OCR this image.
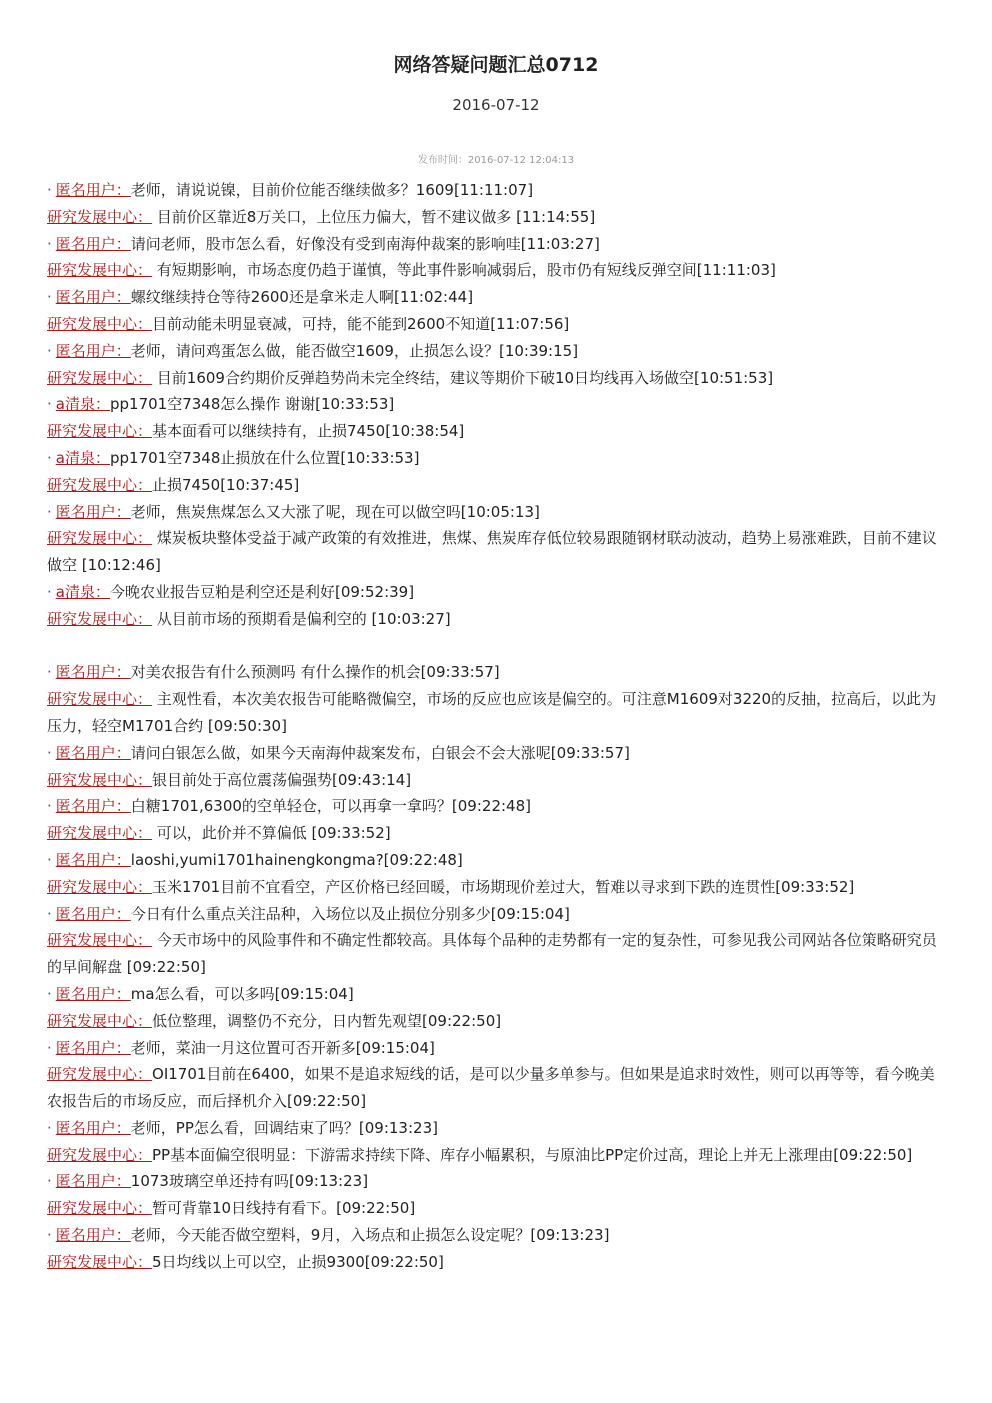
网络答疑问题汇总0712
2016-07-12
发布时间：2016-07-12 12:04:13

· 匿名用户：老师，请说说镍，目前价位能否继续做多？1609[11:11:07]

研究发展中心： 目前价区靠近8万关口，上位压力偏大，暂不建议做多 [11:14:55]

· 匿名用户：请问老师，股市怎么看，好像没有受到南海仲裁案的影响哇[11:03:27]

研究发展中心： 有短期影响，市场态度仍趋于谨慎，等此事件影响减弱后，股市仍有短线反弹空间[11:11:03]

· 匿名用户：螺纹继续持仓等待2600还是拿米走人啊[11:02:44]

研究发展中心：目前动能未明显衰减，可持，能不能到2600不知道[11:07:56]

· 匿名用户：老师，请问鸡蛋怎么做，能否做空1609，止损怎么设？[10:39:15]

研究发展中心： 目前1609合约期价反弹趋势尚未完全终结，建议等期价下破10日均线再入场做空[10:51:53]

· a清泉：pp1701空7348怎么操作 谢谢[10:33:53]

研究发展中心：基本面看可以继续持有，止损7450[10:38:54]

· a清泉：pp1701空7348止损放在什么位置[10:33:53]

研究发展中心：止损7450[10:37:45]

· 匿名用户：老师，焦炭焦煤怎么又大涨了呢，现在可以做空吗[10:05:13]

研究发展中心： 煤炭板块整体受益于减产政策的有效推进，焦煤、焦炭库存低位较易跟随钢材联动波动，趋势上易涨难跌，目前不建议做空 [10:12:46]

· a清泉：今晚农业报告豆粕是利空还是利好[09:52:39]

研究发展中心： 从目前市场的预期看是偏利空的 [10:03:27]

· 匿名用户：对美农报告有什么预测吗 有什么操作的机会[09:33:57]

研究发展中心： 主观性看，本次美农报告可能略微偏空，市场的反应也应该是偏空的。可注意M1609对3220的反抽，拉高后，以此为压力，轻空M1701合约 [09:50:30]

· 匿名用户：请问白银怎么做，如果今天南海仲裁案发布，白银会不会大涨呢[09:33:57]

研究发展中心：银目前处于高位震荡偏强势[09:43:14]

· 匿名用户：白糖1701,6300的空单轻仓，可以再拿一拿吗？[09:22:48]

研究发展中心： 可以，此价并不算偏低 [09:33:52]

· 匿名用户：laoshi,yumi1701hainengkongma?[09:22:48]

研究发展中心：玉米1701目前不宜看空，产区价格已经回暖，市场期现价差过大，暂难以寻求到下跌的连贯性[09:33:52]

· 匿名用户：今日有什么重点关注品种，入场位以及止损位分别多少[09:15:04]

研究发展中心： 今天市场中的风险事件和不确定性都较高。具体每个品种的走势都有一定的复杂性，可参见我公司网站各位策略研究员的早间解盘 [09:22:50]

· 匿名用户：ma怎么看，可以多吗[09:15:04]

研究发展中心：低位整理，调整仍不充分，日内暂先观望[09:22:50]

· 匿名用户：老师，菜油一月这位置可否开新多[09:15:04]

研究发展中心：OI1701目前在6400，如果不是追求短线的话，是可以少量多单参与。但如果是追求时效性，则可以再等等，看今晚美农报告后的市场反应，而后择机介入[09:22:50]

· 匿名用户：老师，PP怎么看，回调结束了吗？[09:13:23]

研究发展中心：PP基本面偏空很明显：下游需求持续下降、库存小幅累积，与原油比PP定价过高，理论上并无上涨理由[09:22:50]

· 匿名用户：1073玻璃空单还持有吗[09:13:23]

研究发展中心：暂可背靠10日线持有看下。[09:22:50]

· 匿名用户：老师，今天能否做空塑料，9月，入场点和止损怎么设定呢？[09:13:23]

研究发展中心：5日均线以上可以空，止损9300[09:22:50]
